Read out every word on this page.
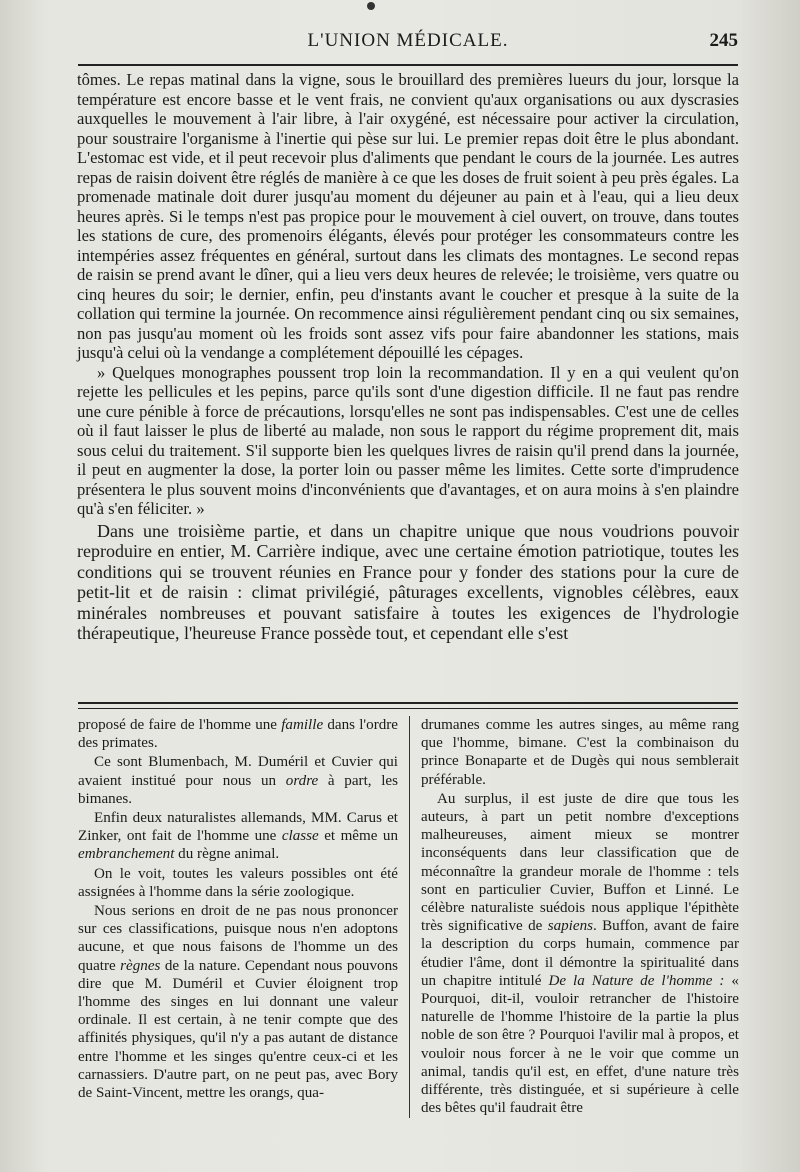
L'UNION MÉDICALE.	245

tômes. Le repas matinal dans la vigne, sous le brouillard des premières lueurs du jour, lorsque la température est encore basse et le vent frais, ne convient qu'aux organisations ou aux dyscrasies auxquelles le mouvement à l'air libre, à l'air oxygéné, est nécessaire pour activer la circulation, pour soustraire l'organisme à l'inertie qui pèse sur lui. Le premier repas doit être le plus abondant. L'estomac est vide, et il peut recevoir plus d'aliments que pendant le cours de la journée. Les autres repas de raisin doivent être réglés de manière à ce que les doses de fruit soient à peu près égales. La promenade matinale doit durer jusqu'au moment du déjeuner au pain et à l'eau, qui a lieu deux heures après. Si le temps n'est pas propice pour le mouvement à ciel ouvert, on trouve, dans toutes les stations de cure, des promenoirs élégants, élevés pour protéger les consommateurs contre les intempéries assez fréquentes en général, surtout dans les climats des montagnes. Le second repas de raisin se prend avant le dîner, qui a lieu vers deux heures de relevée; le troisième, vers quatre ou cinq heures du soir; le dernier, enfin, peu d'instants avant le coucher et presque à la suite de la collation qui termine la journée. On recommence ainsi régulièrement pendant cinq ou six semaines, non pas jusqu'au moment où les froids sont assez vifs pour faire abandonner les stations, mais jusqu'à celui où la vendange a complétement dépouillé les cépages.

» Quelques monographes poussent trop loin la recommandation. Il y en a qui veulent qu'on rejette les pellicules et les pepins, parce qu'ils sont d'une digestion difficile. Il ne faut pas rendre une cure pénible à force de précautions, lorsqu'elles ne sont pas indispensables. C'est une de celles où il faut laisser le plus de liberté au malade, non sous le rapport du régime proprement dit, mais sous celui du traitement. S'il supporte bien les quelques livres de raisin qu'il prend dans la journée, il peut en augmenter la dose, la porter loin ou passer même les limites. Cette sorte d'imprudence présentera le plus souvent moins d'inconvénients que d'avantages, et on aura moins à s'en plaindre qu'à s'en féliciter. »

Dans une troisième partie, et dans un chapitre unique que nous voudrions pouvoir reproduire en entier, M. Carrière indique, avec une certaine émotion patriotique, toutes les conditions qui se trouvent réunies en France pour y fonder des stations pour la cure de petit-lit et de raisin : climat privilégié, pâturages excellents, vignobles célèbres, eaux minérales nombreuses et pouvant satisfaire à toutes les exigences de l'hydrologie thérapeutique, l'heureuse France possède tout, et cependant elle s'est

proposé de faire de l'homme une famille dans l'ordre des primates.

Ce sont Blumenbach, M. Duméril et Cuvier qui avaient institué pour nous un ordre à part, les bimanes.

Enfin deux naturalistes allemands, MM. Carus et Zinker, ont fait de l'homme une classe et même un embranchement du règne animal.

On le voit, toutes les valeurs possibles ont été assignées à l'homme dans la série zoologique.

Nous serions en droit de ne pas nous prononcer sur ces classifications, puisque nous n'en adoptons aucune, et que nous faisons de l'homme un des quatre règnes de la nature. Cependant nous pouvons dire que M. Duméril et Cuvier éloignent trop l'homme des singes en lui donnant une valeur ordinale. Il est certain, à ne tenir compte que des affinités physiques, qu'il n'y a pas autant de distance entre l'homme et les singes qu'entre ceux-ci et les carnassiers. D'autre part, on ne peut pas, avec Bory de Saint-Vincent, mettre les orangs, qua-

drumanes comme les autres singes, au même rang que l'homme, bimane. C'est la combinaison du prince Bonaparte et de Dugès qui nous semblerait préférable.

Au surplus, il est juste de dire que tous les auteurs, à part un petit nombre d'exceptions malheureuses, aiment mieux se montrer inconséquents dans leur classification que de méconnaître la grandeur morale de l'homme : tels sont en particulier Cuvier, Buffon et Linné. Le célèbre naturaliste suédois nous applique l'épithète très significative de sapiens. Buffon, avant de faire la description du corps humain, commence par étudier l'âme, dont il démontre la spiritualité dans un chapitre intitulé De la Nature de l'homme : « Pourquoi, dit-il, vouloir retrancher de l'histoire naturelle de l'homme l'histoire de la partie la plus noble de son être ? Pourquoi l'avilir mal à propos, et vouloir nous forcer à ne le voir que comme un animal, tandis qu'il est, en effet, d'une nature très différente, très distinguée, et si supérieure à celle des bêtes qu'il faudrait être
